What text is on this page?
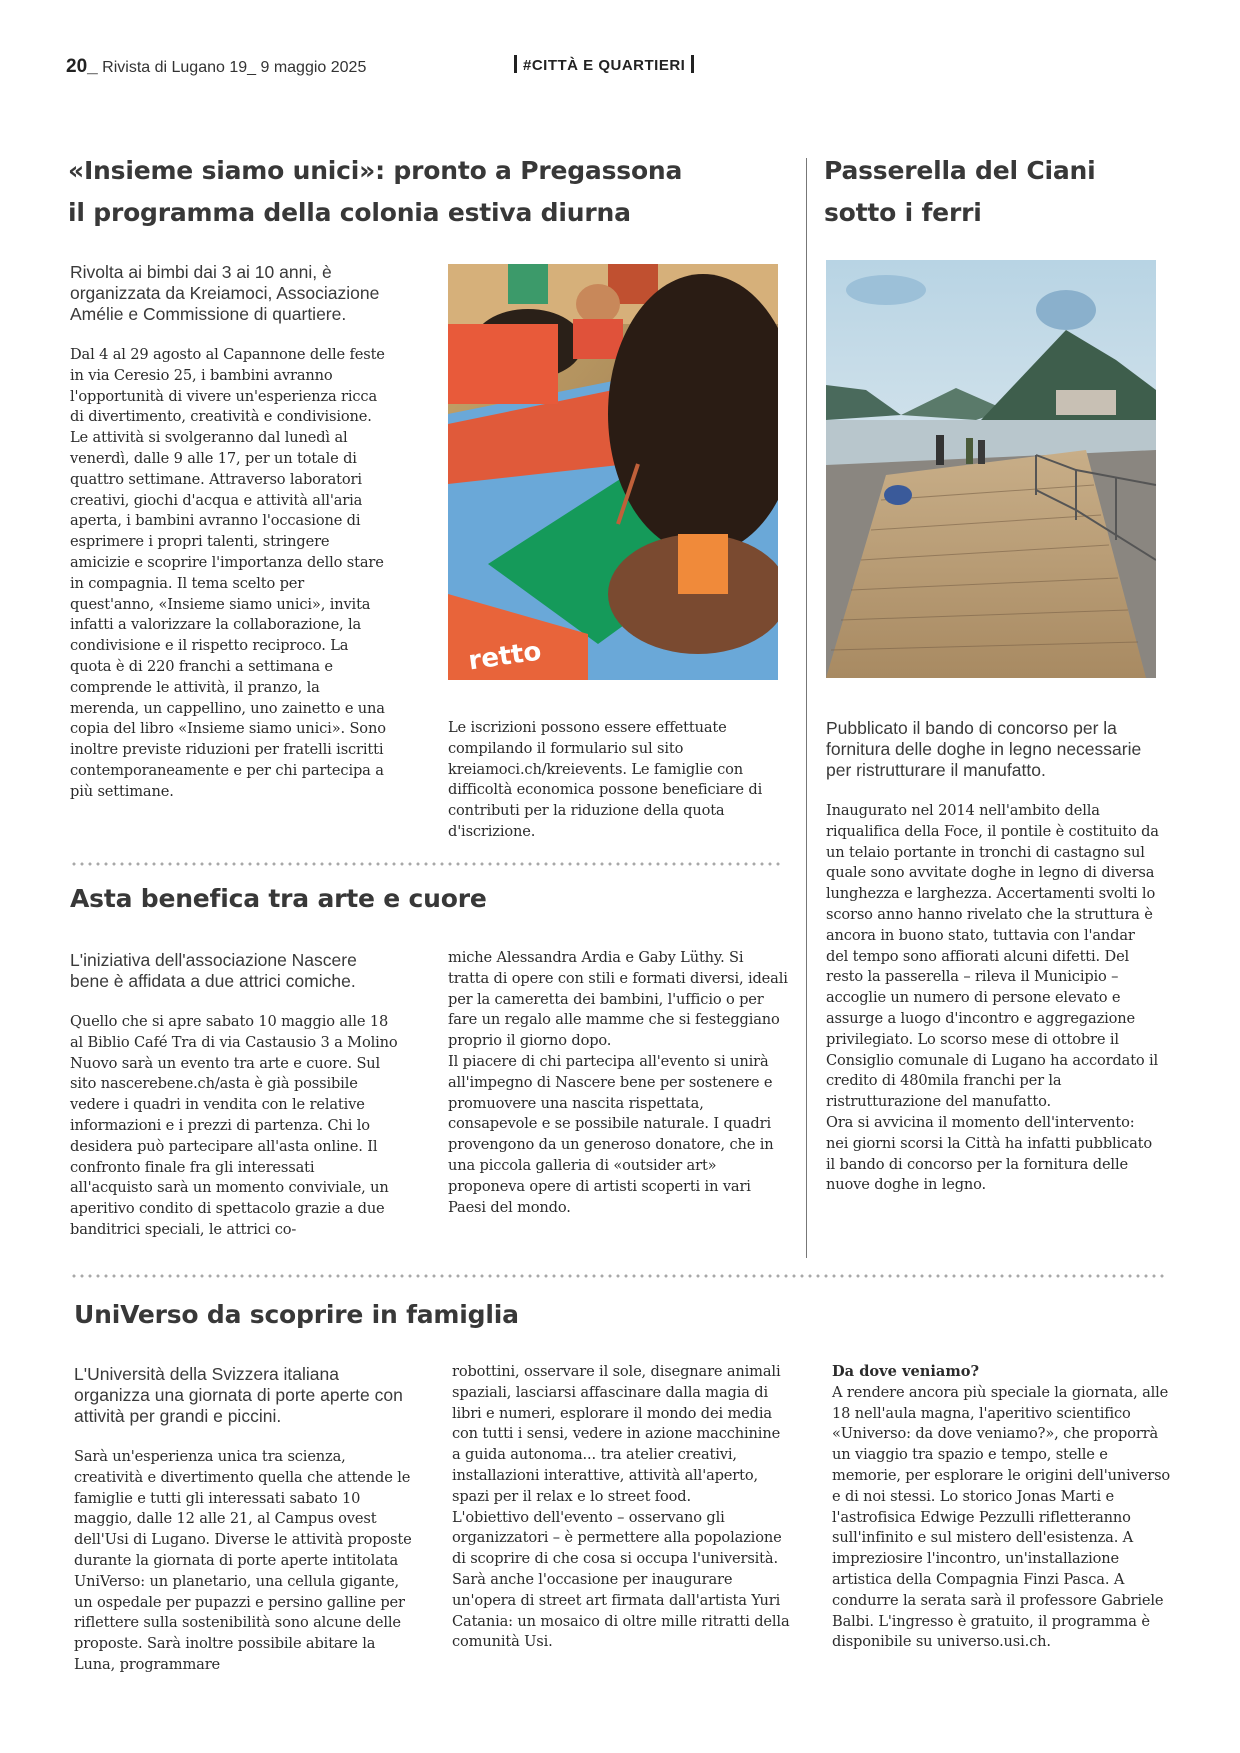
20_ Rivista di Lugano 19_ 9 maggio 2025	#CITTÀ E QUARTIERI
«Insieme siamo unici»: pronto a Pregassona
il programma della colonia estiva diurna

Rivolta ai bimbi dai 3 ai 10 anni, è organizzata da Kreiamoci, Associazione Amélie e Commissione di quartiere.

Dal 4 al 29 agosto al Capannone delle feste in via Ceresio 25, i bambini avranno l'opportunità di vivere un'esperienza ricca di divertimento, creatività e condivisione. Le attività si svolgeranno dal lunedì al venerdì, dalle 9 alle 17, per un totale di quattro settimane. Attraverso laboratori creativi, giochi d'acqua e attività all'aria aperta, i bambini avranno l'occasione di esprimere i propri talenti, stringere amicizie e scoprire l'importanza dello stare in compagnia. Il tema scelto per quest'anno, «Insieme siamo unici», invita infatti a valorizzare la collaborazione, la condivisione e il rispetto reciproco. La quota è di 220 franchi a settimana e comprende le attività, il pranzo, la merenda, un cappellino, uno zainetto e una copia del libro «Insieme siamo unici». Sono inoltre previste riduzioni per fratelli iscritti contemporaneamente e per chi partecipa a più settimane.

retto

Le iscrizioni possono essere effettuate compilando il formulario sul sito kreiamoci.ch/kreievents. Le famiglie con difficoltà economica possone beneficiare di contributi per la riduzione della quota d'iscrizione.

Passerella del Ciani
sotto i ferri

Pubblicato il bando di concorso per la fornitura delle doghe in legno necessarie per ristrutturare il manufatto.

Inaugurato nel 2014 nell'ambito della riqualifica della Foce, il pontile è costituito da un telaio portante in tronchi di castagno sul quale sono avvitate doghe in legno di diversa lunghezza e larghezza. Accertamenti svolti lo scorso anno hanno rivelato che la struttura è ancora in buono stato, tuttavia con l'andar del tempo sono affiorati alcuni difetti. Del resto la passerella – rileva il Municipio – accoglie un numero di persone elevato e assurge a luogo d'incontro e aggregazione privilegiato. Lo scorso mese di ottobre il Consiglio comunale di Lugano ha accordato il credito di 480mila franchi per la ristrutturazione del manufatto.

Ora si avvicina il momento dell'intervento: nei giorni scorsi la Città ha infatti pubblicato il bando di concorso per la fornitura delle nuove doghe in legno.

Asta benefica tra arte e cuore

L'iniziativa dell'associazione Nascere bene è affidata a due attrici comiche.

Quello che si apre sabato 10 maggio alle 18 al Biblio Café Tra di via Castausio 3 a Molino Nuovo sarà un evento tra arte e cuore. Sul sito nascerebene.ch/asta è già possibile vedere i quadri in vendita con le relative informazioni e i prezzi di partenza. Chi lo desidera può partecipare all'asta online. Il confronto finale fra gli interessati all'acquisto sarà un momento conviviale, un aperitivo condito di spettacolo grazie a due banditrici speciali, le attrici co-

miche Alessandra Ardia e Gaby Lüthy. Si tratta di opere con stili e formati diversi, ideali per la cameretta dei bambini, l'ufficio o per fare un regalo alle mamme che si festeggiano proprio il giorno dopo.

Il piacere di chi partecipa all'evento si unirà all'impegno di Nascere bene per sostenere e promuovere una nascita rispettata, consapevole e se possibile naturale. I quadri provengono da un generoso donatore, che in una piccola galleria di «outsider art» proponeva opere di artisti scoperti in vari Paesi del mondo.

UniVerso da scoprire in famiglia

L'Università della Svizzera italiana organizza una giornata di porte aperte con attività per grandi e piccini.

Sarà un'esperienza unica tra scienza, creatività e divertimento quella che attende le famiglie e tutti gli interessati sabato 10 maggio, dalle 12 alle 21, al Campus ovest dell'Usi di Lugano. Diverse le attività proposte durante la giornata di porte aperte intitolata UniVerso: un planetario, una cellula gigante, un ospedale per pupazzi e persino galline per riflettere sulla sostenibilità sono alcune delle proposte. Sarà inoltre possibile abitare la Luna, programmare

robottini, osservare il sole, disegnare animali spaziali, lasciarsi affascinare dalla magia di libri e numeri, esplorare il mondo dei media con tutti i sensi, vedere in azione macchinine a guida autonoma... tra atelier creativi, installazioni interattive, attività all'aperto, spazi per il relax e lo street food.

L'obiettivo dell'evento – osservano gli organizzatori – è permettere alla popolazione di scoprire di che cosa si occupa l'università. Sarà anche l'occasione per inaugurare un'opera di street art firmata dall'artista Yuri Catania: un mosaico di oltre mille ritratti della comunità Usi.

Da dove veniamo?

A rendere ancora più speciale la giornata, alle 18 nell'aula magna, l'aperitivo scientifico «Universo: da dove veniamo?», che proporrà un viaggio tra spazio e tempo, stelle e memorie, per esplorare le origini dell'universo e di noi stessi. Lo storico Jonas Marti e l'astrofisica Edwige Pezzulli rifletteranno sull'infinito e sul mistero dell'esistenza. A impreziosire l'incontro, un'installazione artistica della Compagnia Finzi Pasca. A condurre la serata sarà il professore Gabriele Balbi. L'ingresso è gratuito, il programma è disponibile su universo.usi.ch.
